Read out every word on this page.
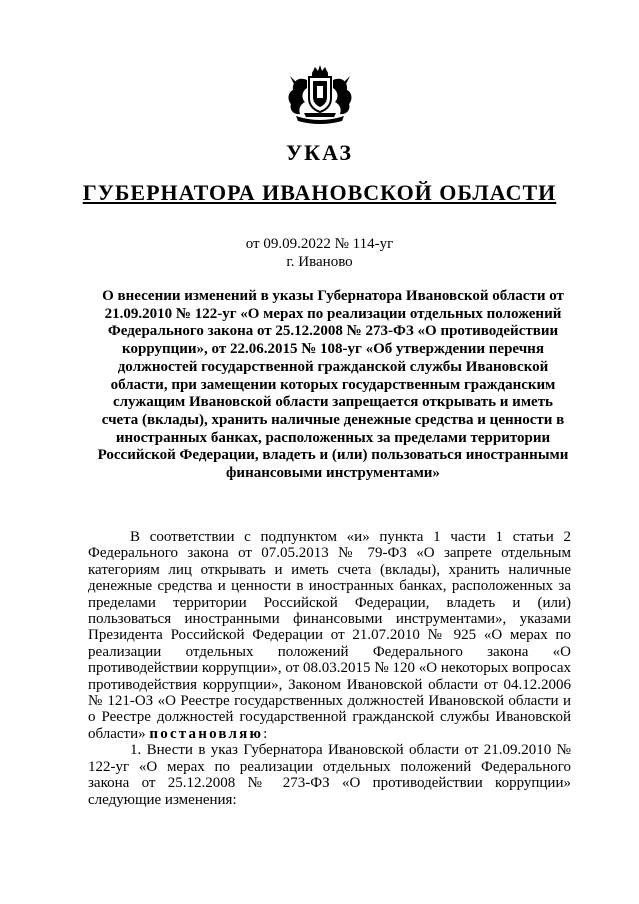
УКАЗ
ГУБЕРНАТОРА ИВАНОВСКОЙ ОБЛАСТИ
от 09.09.2022 № 114-уг
г. Иваново
О внесении изменений в указы Губернатора Ивановской области от 21.09.2010 № 122-уг «О мерах по реализации отдельных положений Федерального закона от 25.12.2008 № 273-ФЗ «О противодействии коррупции», от 22.06.2015 № 108-уг «Об утверждении перечня должностей государственной гражданской службы Ивановской области, при замещении которых государственным гражданским служащим Ивановской области запрещается открывать и иметь счета (вклады), хранить наличные денежные средства и ценности в иностранных банках, расположенных за пределами территории Российской Федерации, владеть и (или) пользоваться иностранными финансовыми инструментами»

В соответствии с подпунктом «и» пункта 1 части 1 статьи 2 Федерального закона от 07.05.2013 № 79-ФЗ «О запрете отдельным категориям лиц открывать и иметь счета (вклады), хранить наличные денежные средства и ценности в иностранных банках, расположенных за пределами территории Российской Федерации, владеть и (или) пользоваться иностранными финансовыми инструментами», указами Президента Российской Федерации от 21.07.2010 № 925 «О мерах по реализации отдельных положений Федерального закона «О противодействии коррупции», от 08.03.2015 № 120 «О некоторых вопросах противодействия коррупции», Законом Ивановской области от 04.12.2006 № 121-ОЗ «О Реестре государственных должностей Ивановской области и о Реестре должностей государственной гражданской службы Ивановской области» постановляю:

1. Внести в указ Губернатора Ивановской области от 21.09.2010 № 122-уг «О мерах по реализации отдельных положений Федерального закона от 25.12.2008 № 273-ФЗ «О противодействии коррупции» следующие изменения:
